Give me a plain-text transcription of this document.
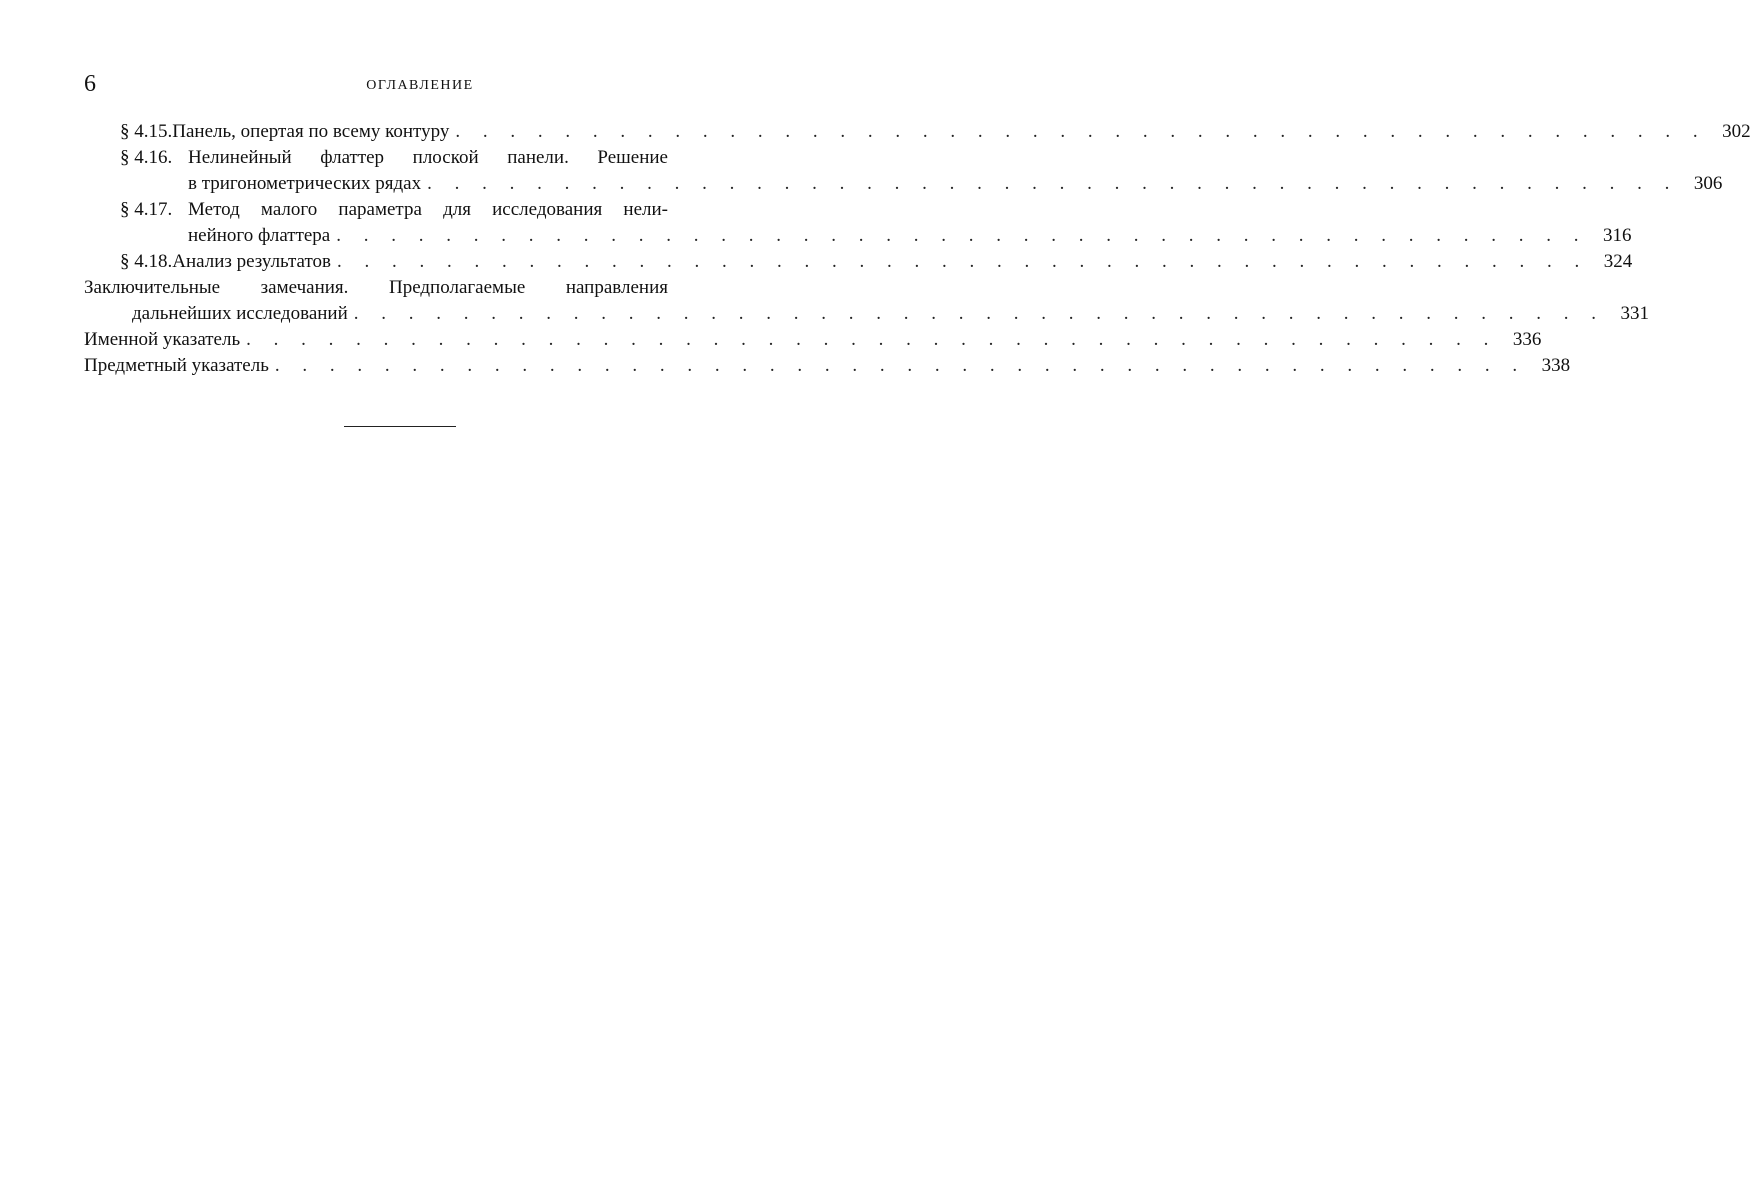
6	ОГЛАВЛЕНИЕ
§ 4.15. Панель, опертая по всему контуру . . . . . . . . . . . . . . . . . . . . . . . . . . . . . . . . . . . . . . . . . . . . . . 302
§ 4.16. Нелинейный флаттер плоской панели. Решение
в тригонометрических рядах . . . . . . . . . . . . . . . . . . . . . . . . . . . . . . . . . . . . . . . . . . . . . . 306
§ 4.17. Метод малого параметра для исследования нели-
нейного флаттера . . . . . . . . . . . . . . . . . . . . . . . . . . . . . . . . . . . . . . . . . . . . . . 316
§ 4.18. Анализ результатов . . . . . . . . . . . . . . . . . . . . . . . . . . . . . . . . . . . . . . . . . . . . . . 324
Заключительные замечания. Предполагаемые направления
дальнейших исследований . . . . . . . . . . . . . . . . . . . . . . . . . . . . . . . . . . . . . . . . . . . . . . 331
Именной указатель . . . . . . . . . . . . . . . . . . . . . . . . . . . . . . . . . . . . . . . . . . . . . . 336
Предметный указатель . . . . . . . . . . . . . . . . . . . . . . . . . . . . . . . . . . . . . . . . . . . . . . 338
